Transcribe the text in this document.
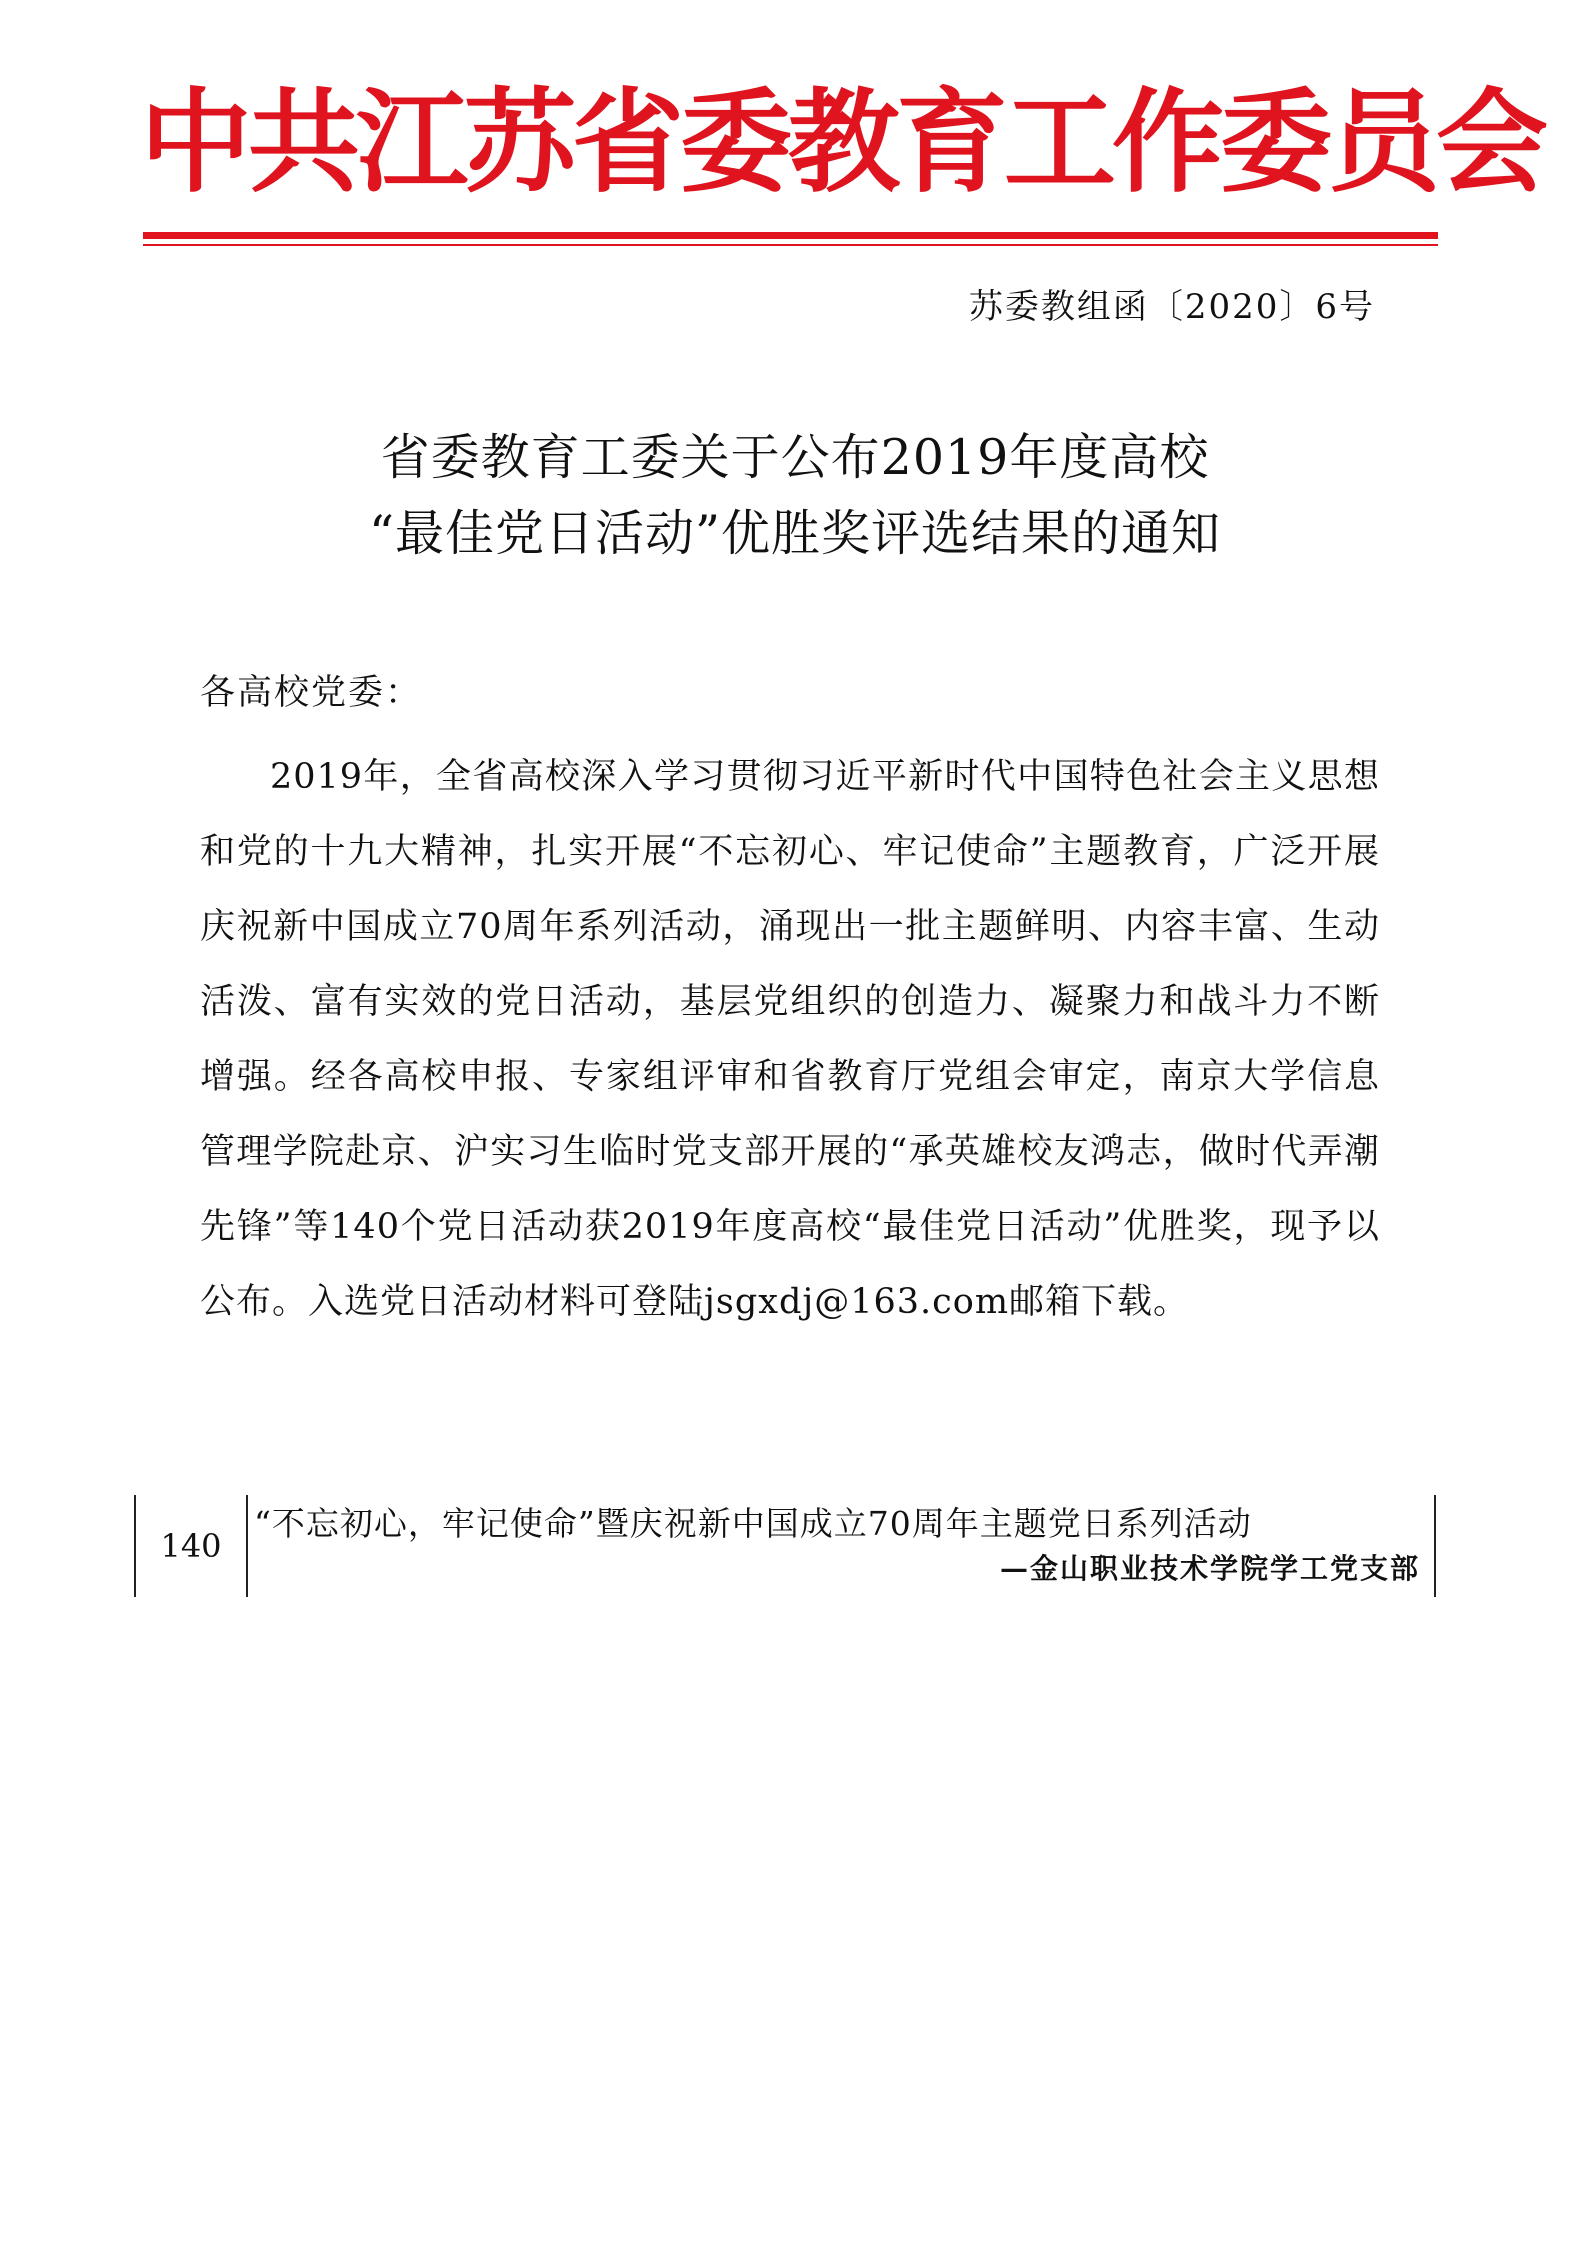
中共江苏省委教育工作委员会
苏委教组函〔2020〕6号
省委教育工委关于公布2019年度高校
“最佳党日活动”优胜奖评选结果的通知
各高校党委：

2019年，全省高校深入学习贯彻习近平新时代中国特色社会主义思想和党的十九大精神，扎实开展“不忘初心、牢记使命”主题教育，广泛开展庆祝新中国成立70周年系列活动，涌现出一批主题鲜明、内容丰富、生动活泼、富有实效的党日活动，基层党组织的创造力、凝聚力和战斗力不断增强。经各高校申报、专家组评审和省教育厅党组会审定，南京大学信息管理学院赴京、沪实习生临时党支部开展的“承英雄校友鸿志，做时代弄潮先锋”等140个党日活动获2019年度高校“最佳党日活动”优胜奖，现予以公布。入选党日活动材料可登陆jsgxdj@163.com邮箱下载。

140
“不忘初心，牢记使命”暨庆祝新中国成立70周年主题党日系列活动
—金山职业技术学院学工党支部
